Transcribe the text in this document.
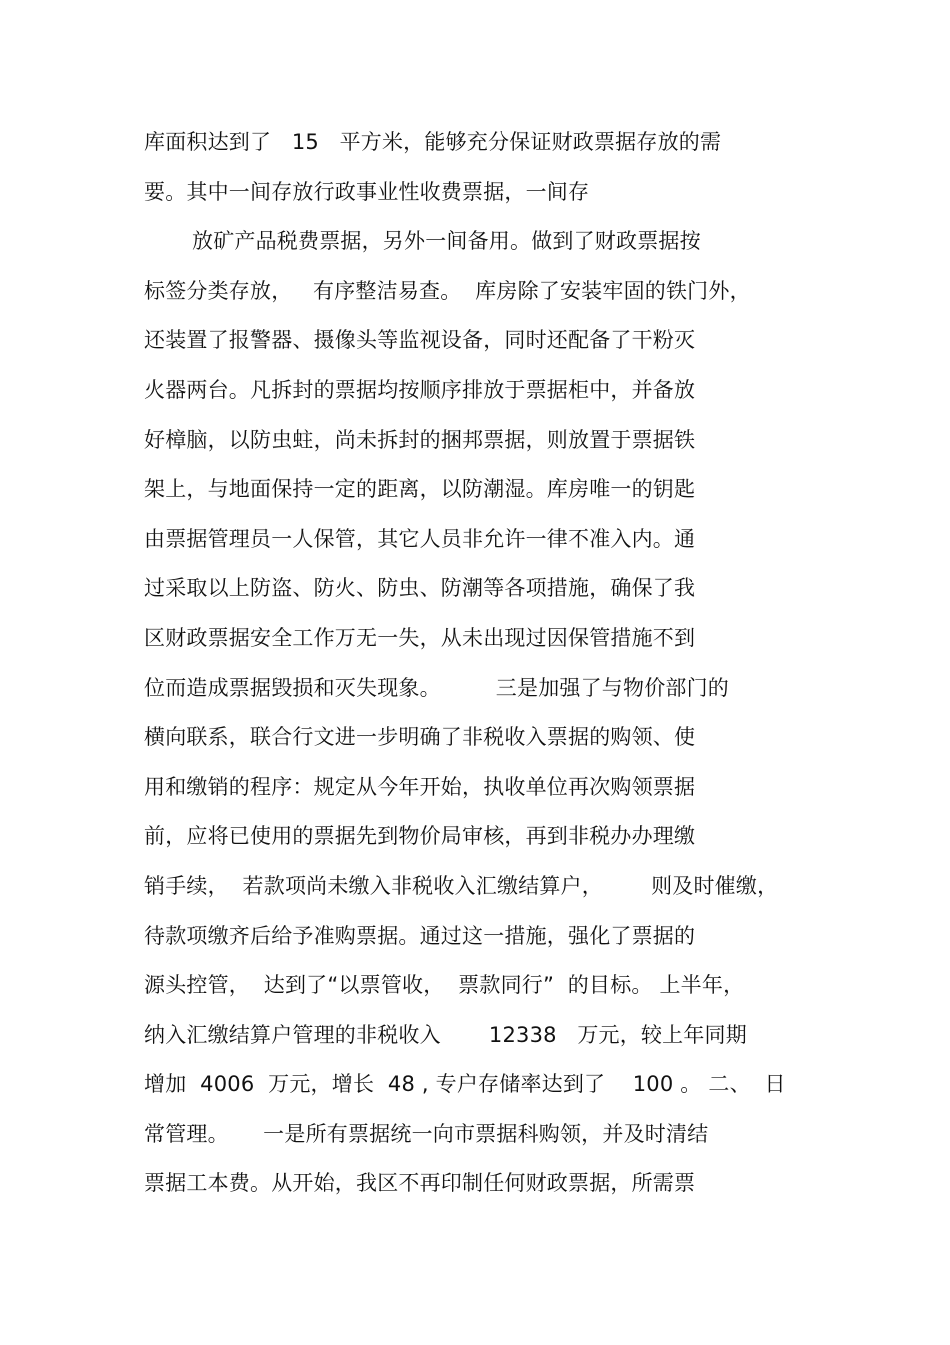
库面积达到了   15   平方米，能够充分保证财政票据存放的需
要。其中一间存放行政事业性收费票据，一间存
放矿产品税费票据，另外一间备用。做到了财政票据按
标签分类存放，   有序整洁易查。  库房除了安装牢固的铁门外，
还装置了报警器、摄像头等监视设备，同时还配备了干粉灭
火器两台。凡拆封的票据均按顺序排放于票据柜中，并备放
好樟脑，以防虫蛀，尚未拆封的捆邦票据，则放置于票据铁
架上，与地面保持一定的距离，以防潮湿。库房唯一的钥匙
由票据管理员一人保管，其它人员非允许一律不准入内。通
过采取以上防盗、防火、防虫、防潮等各项措施，确保了我
区财政票据安全工作万无一失，从未出现过因保管措施不到
位而造成票据毁损和灭失现象。        三是加强了与物价部门的
横向联系，联合行文进一步明确了非税收入票据的购领、使
用和缴销的程序：规定从今年开始，执收单位再次购领票据
前，应将已使用的票据先到物价局审核，再到非税办办理缴
销手续，  若款项尚未缴入非税收入汇缴结算户，       则及时催缴，
待款项缴齐后给予准购票据。通过这一措施，强化了票据的
源头控管，  达到了“以票管收，  票款同行”  的目标。 上半年，
纳入汇缴结算户管理的非税收入       12338   万元，较上年同期
增加  4006  万元，增长  48 , 专户存储率达到了    100 。 二、  日
常管理。     一是所有票据统一向市票据科购领，并及时清结
票据工本费。从开始，我区不再印制任何财政票据，所需票
